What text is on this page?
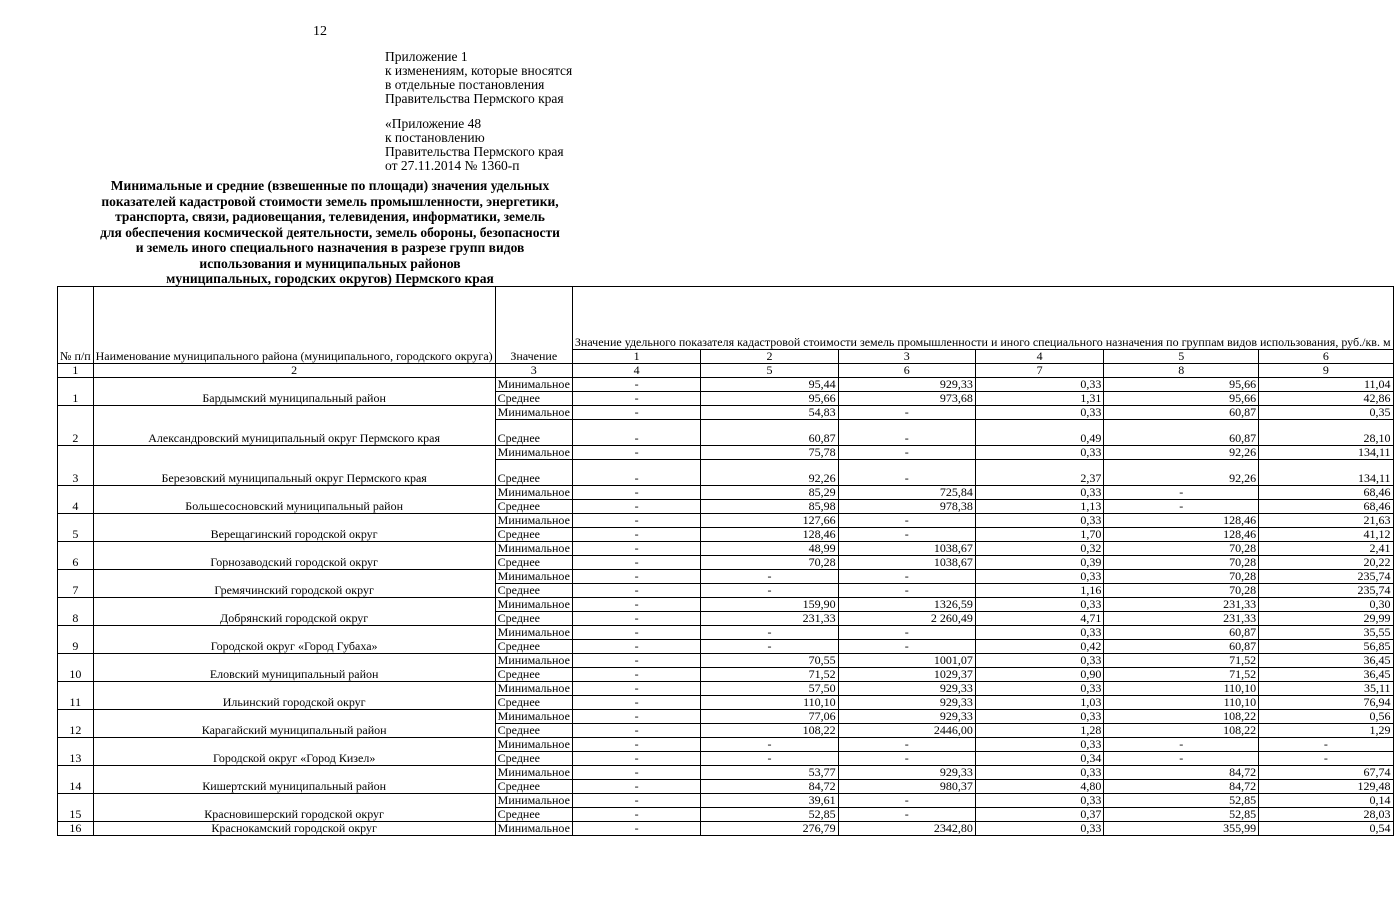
12
Приложение 1
к изменениям, которые вносятся
в отдельные постановления
Правительства Пермского края
«Приложение 48
к постановлению
Правительства Пермского края
от 27.11.2014 № 1360-п
Минимальные и средние (взвешенные по площади) значения удельных
показателей кадастровой стоимости земель промышленности, энергетики,
транспорта, связи, радиовещания, телевидения, информатики, земель
для обеспечения космической деятельности, земель обороны, безопасности
и земель иного специального назначения в разрезе групп видов
использования и муниципальных районов
муниципальных, городских округов) Пермского края
№ п/п	Наименование муниципального района (муниципального, городского округа)	Значение	Значение удельного показателя кадастровой стоимости земель промышленности и иного специального назначения по группам видов использования, руб./кв. м					
			1	2	3	4	5	6
1	2	3	4	5	6	7	8	9
1	Бардымский муниципальный район	Минимальное	-	95,44	929,33	0,33	95,66	11,04
		Среднее	-	95,66	973,68	1,31	95,66	42,86
2	Александровский муниципальный округ Пермского края	Минимальное	-	54,83	-	0,33	60,87	0,35
		Среднее	-	60,87	-	0,49	60,87	28,10
3	Березовский муниципальный округ Пермского края	Минимальное	-	75,78	-	0,33	92,26	134,11
		Среднее	-	92,26	-	2,37	92,26	134,11
4	Большесосновский муниципальный район	Минимальное	-	85,29	725,84	0,33	-	68,46
		Среднее	-	85,98	978,38	1,13	-	68,46
5	Верещагинский городской округ	Минимальное	-	127,66	-	0,33	128,46	21,63
		Среднее	-	128,46	-	1,70	128,46	41,12
6	Горнозаводский городской округ	Минимальное	-	48,99	1038,67	0,32	70,28	2,41
		Среднее	-	70,28	1038,67	0,39	70,28	20,22
7	Гремячинский городской округ	Минимальное	-	-	-	0,33	70,28	235,74
		Среднее	-	-	-	1,16	70,28	235,74
8	Добрянский городской округ	Минимальное	-	159,90	1326,59	0,33	231,33	0,30
		Среднее	-	231,33	2 260,49	4,71	231,33	29,99
9	Городской округ «Город Губаха»	Минимальное	-	-	-	0,33	60,87	35,55
		Среднее	-	-	-	0,42	60,87	56,85
10	Еловский муниципальный район	Минимальное	-	70,55	1001,07	0,33	71,52	36,45
		Среднее	-	71,52	1029,37	0,90	71,52	36,45
11	Ильинский городской округ	Минимальное	-	57,50	929,33	0,33	110,10	35,11
		Среднее	-	110,10	929,33	1,03	110,10	76,94
12	Карагайский муниципальный район	Минимальное	-	77,06	929,33	0,33	108,22	0,56
		Среднее	-	108,22	2446,00	1,28	108,22	1,29
13	Городской округ «Город Кизел»	Минимальное	-	-	-	0,33	-	-
		Среднее	-	-	-	0,34	-	-
14	Кишертский муниципальный район	Минимальное	-	53,77	929,33	0,33	84,72	67,74
		Среднее	-	84,72	980,37	4,80	84,72	129,48
15	Красновишерский городской округ	Минимальное	-	39,61	-	0,33	52,85	0,14
		Среднее	-	52,85	-	0,37	52,85	28,03
16	Краснокамский городской округ	Минимальное	-	276,79	2342,80	0,33	355,99	0,54
